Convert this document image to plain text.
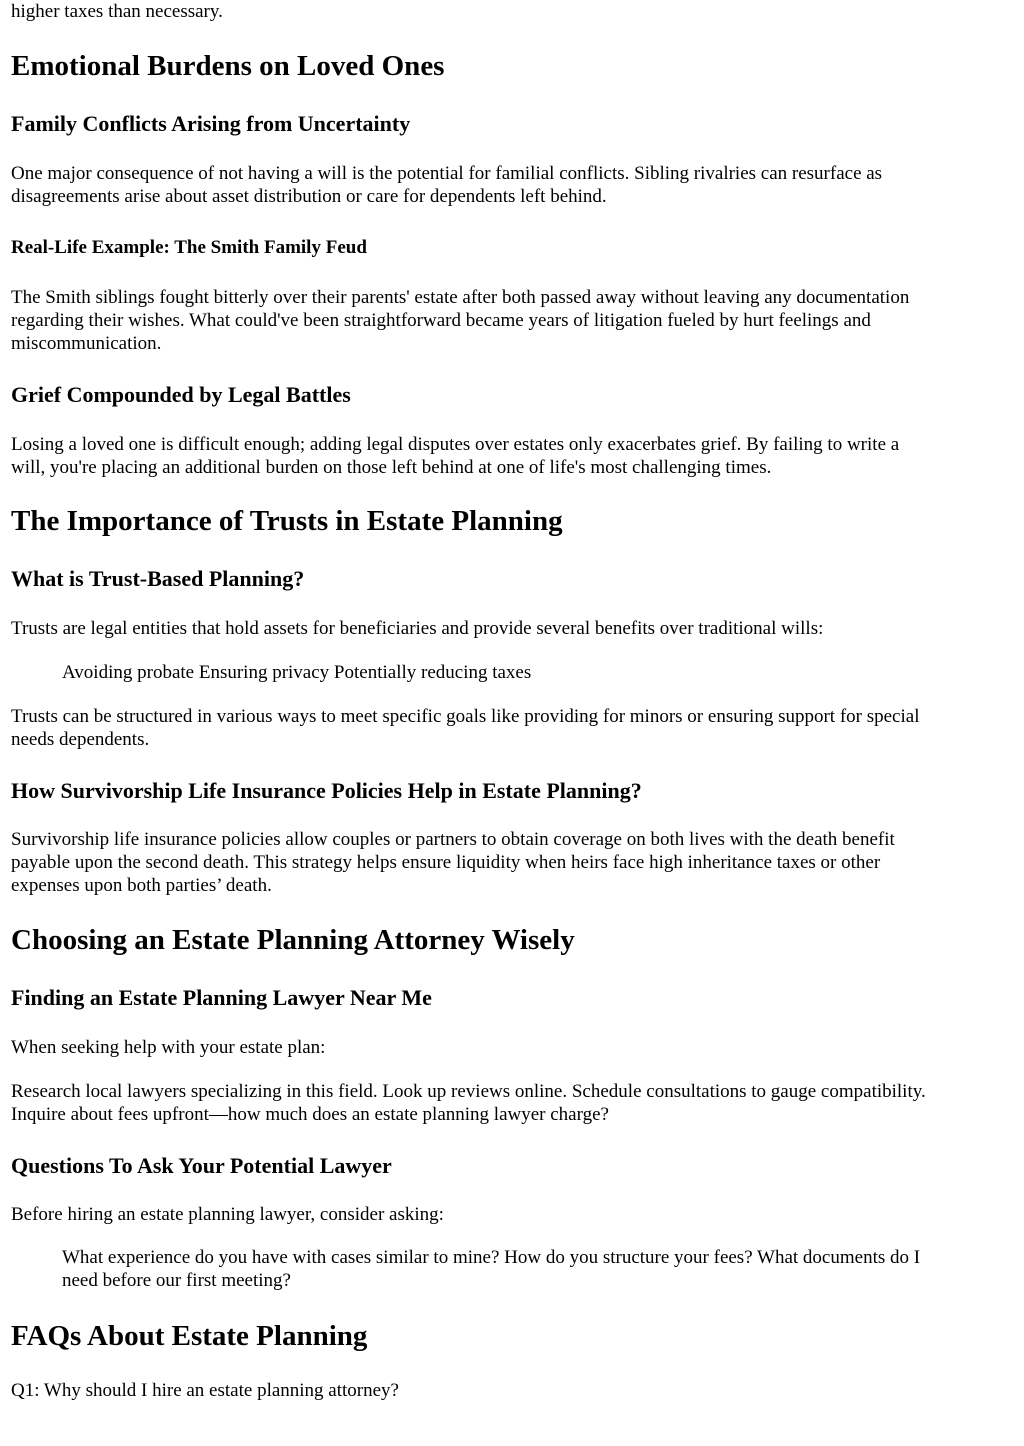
higher taxes than necessary.

Emotional Burdens on Loved Ones
Family Conflicts Arising from Uncertainty

One major consequence of not having a will is the potential for familial conflicts. Sibling rivalries can resurface as

disagreements arise about asset distribution or care for dependents left behind.

Real-Life Example: The Smith Family Feud

The Smith siblings fought bitterly over their parents' estate after both passed away without leaving any documentation

regarding their wishes. What could've been straightforward became years of litigation fueled by hurt feelings and

miscommunication.

Grief Compounded by Legal Battles

Losing a loved one is difficult enough; adding legal disputes over estates only exacerbates grief. By failing to write a

will, you're placing an additional burden on those left behind at one of life's most challenging times.

The Importance of Trusts in Estate Planning
What is Trust-Based Planning?

Trusts are legal entities that hold assets for beneficiaries and provide several benefits over traditional wills:

Avoiding probate Ensuring privacy Potentially reducing taxes

Trusts can be structured in various ways to meet specific goals like providing for minors or ensuring support for special

needs dependents.

How Survivorship Life Insurance Policies Help in Estate Planning?

Survivorship life insurance policies allow couples or partners to obtain coverage on both lives with the death benefit

payable upon the second death. This strategy helps ensure liquidity when heirs face high inheritance taxes or other

expenses upon both parties’ death.

Choosing an Estate Planning Attorney Wisely
Finding an Estate Planning Lawyer Near Me

When seeking help with your estate plan:

Research local lawyers specializing in this field. Look up reviews online. Schedule consultations to gauge compatibility.

Inquire about fees upfront—how much does an estate planning lawyer charge?

Questions To Ask Your Potential Lawyer

Before hiring an estate planning lawyer, consider asking:

What experience do you have with cases similar to mine? How do you structure your fees? What documents do I

need before our first meeting?

FAQs About Estate Planning

Q1: Why should I hire an estate planning attorney?
